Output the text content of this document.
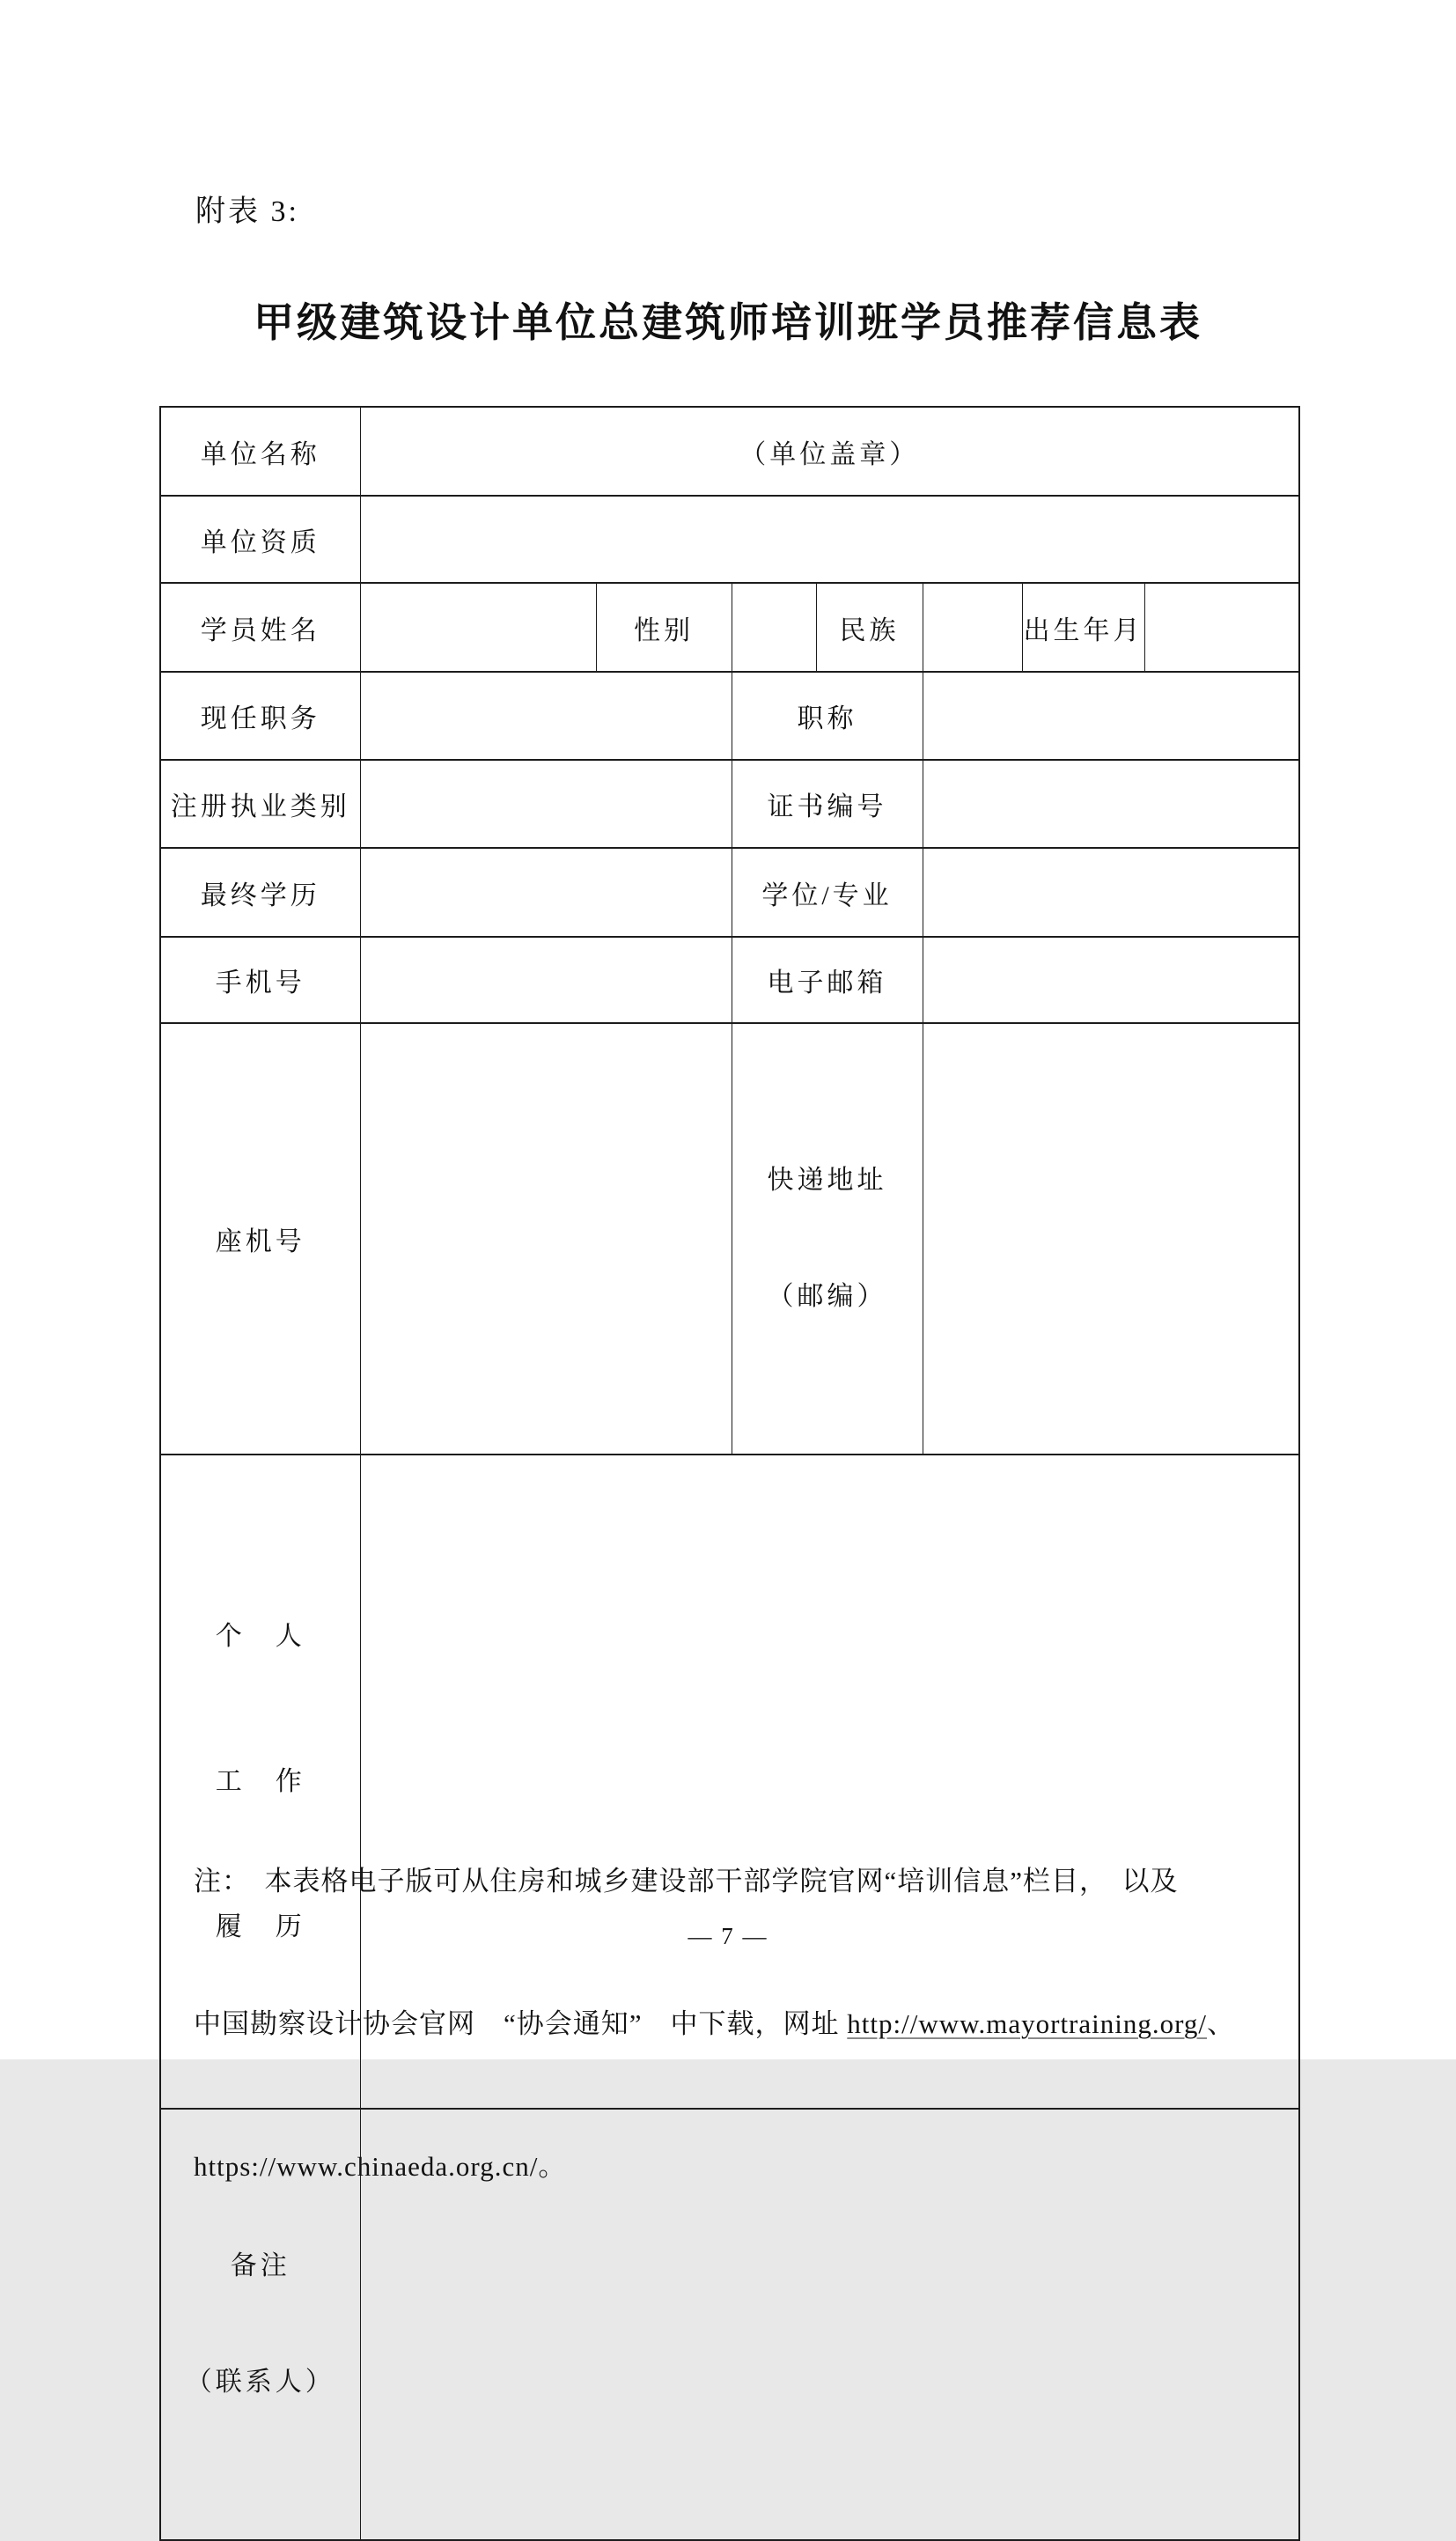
附表 3:
甲级建筑设计单位总建筑师培训班学员推荐信息表
单位名称	（单位盖章）						
单位资质							
学员姓名		性别		民族		出生年月	
现任职务			职称				
注册执业类别			证书编号				
最终学历			学位/专业				
手机号			电子邮箱				
座机号			快递地址

（邮编）				

个　人

工　作

履　历							

备注

（联系人）							

注：　本表格电子版可从住房和城乡建设部干部学院官网“培训信息”栏目，　以及

中国勘察设计协会官网　“协会通知”　中下载，网址 http://www.mayortraining.org/、

https://www.chinaeda.org.cn/。

— 7 —
